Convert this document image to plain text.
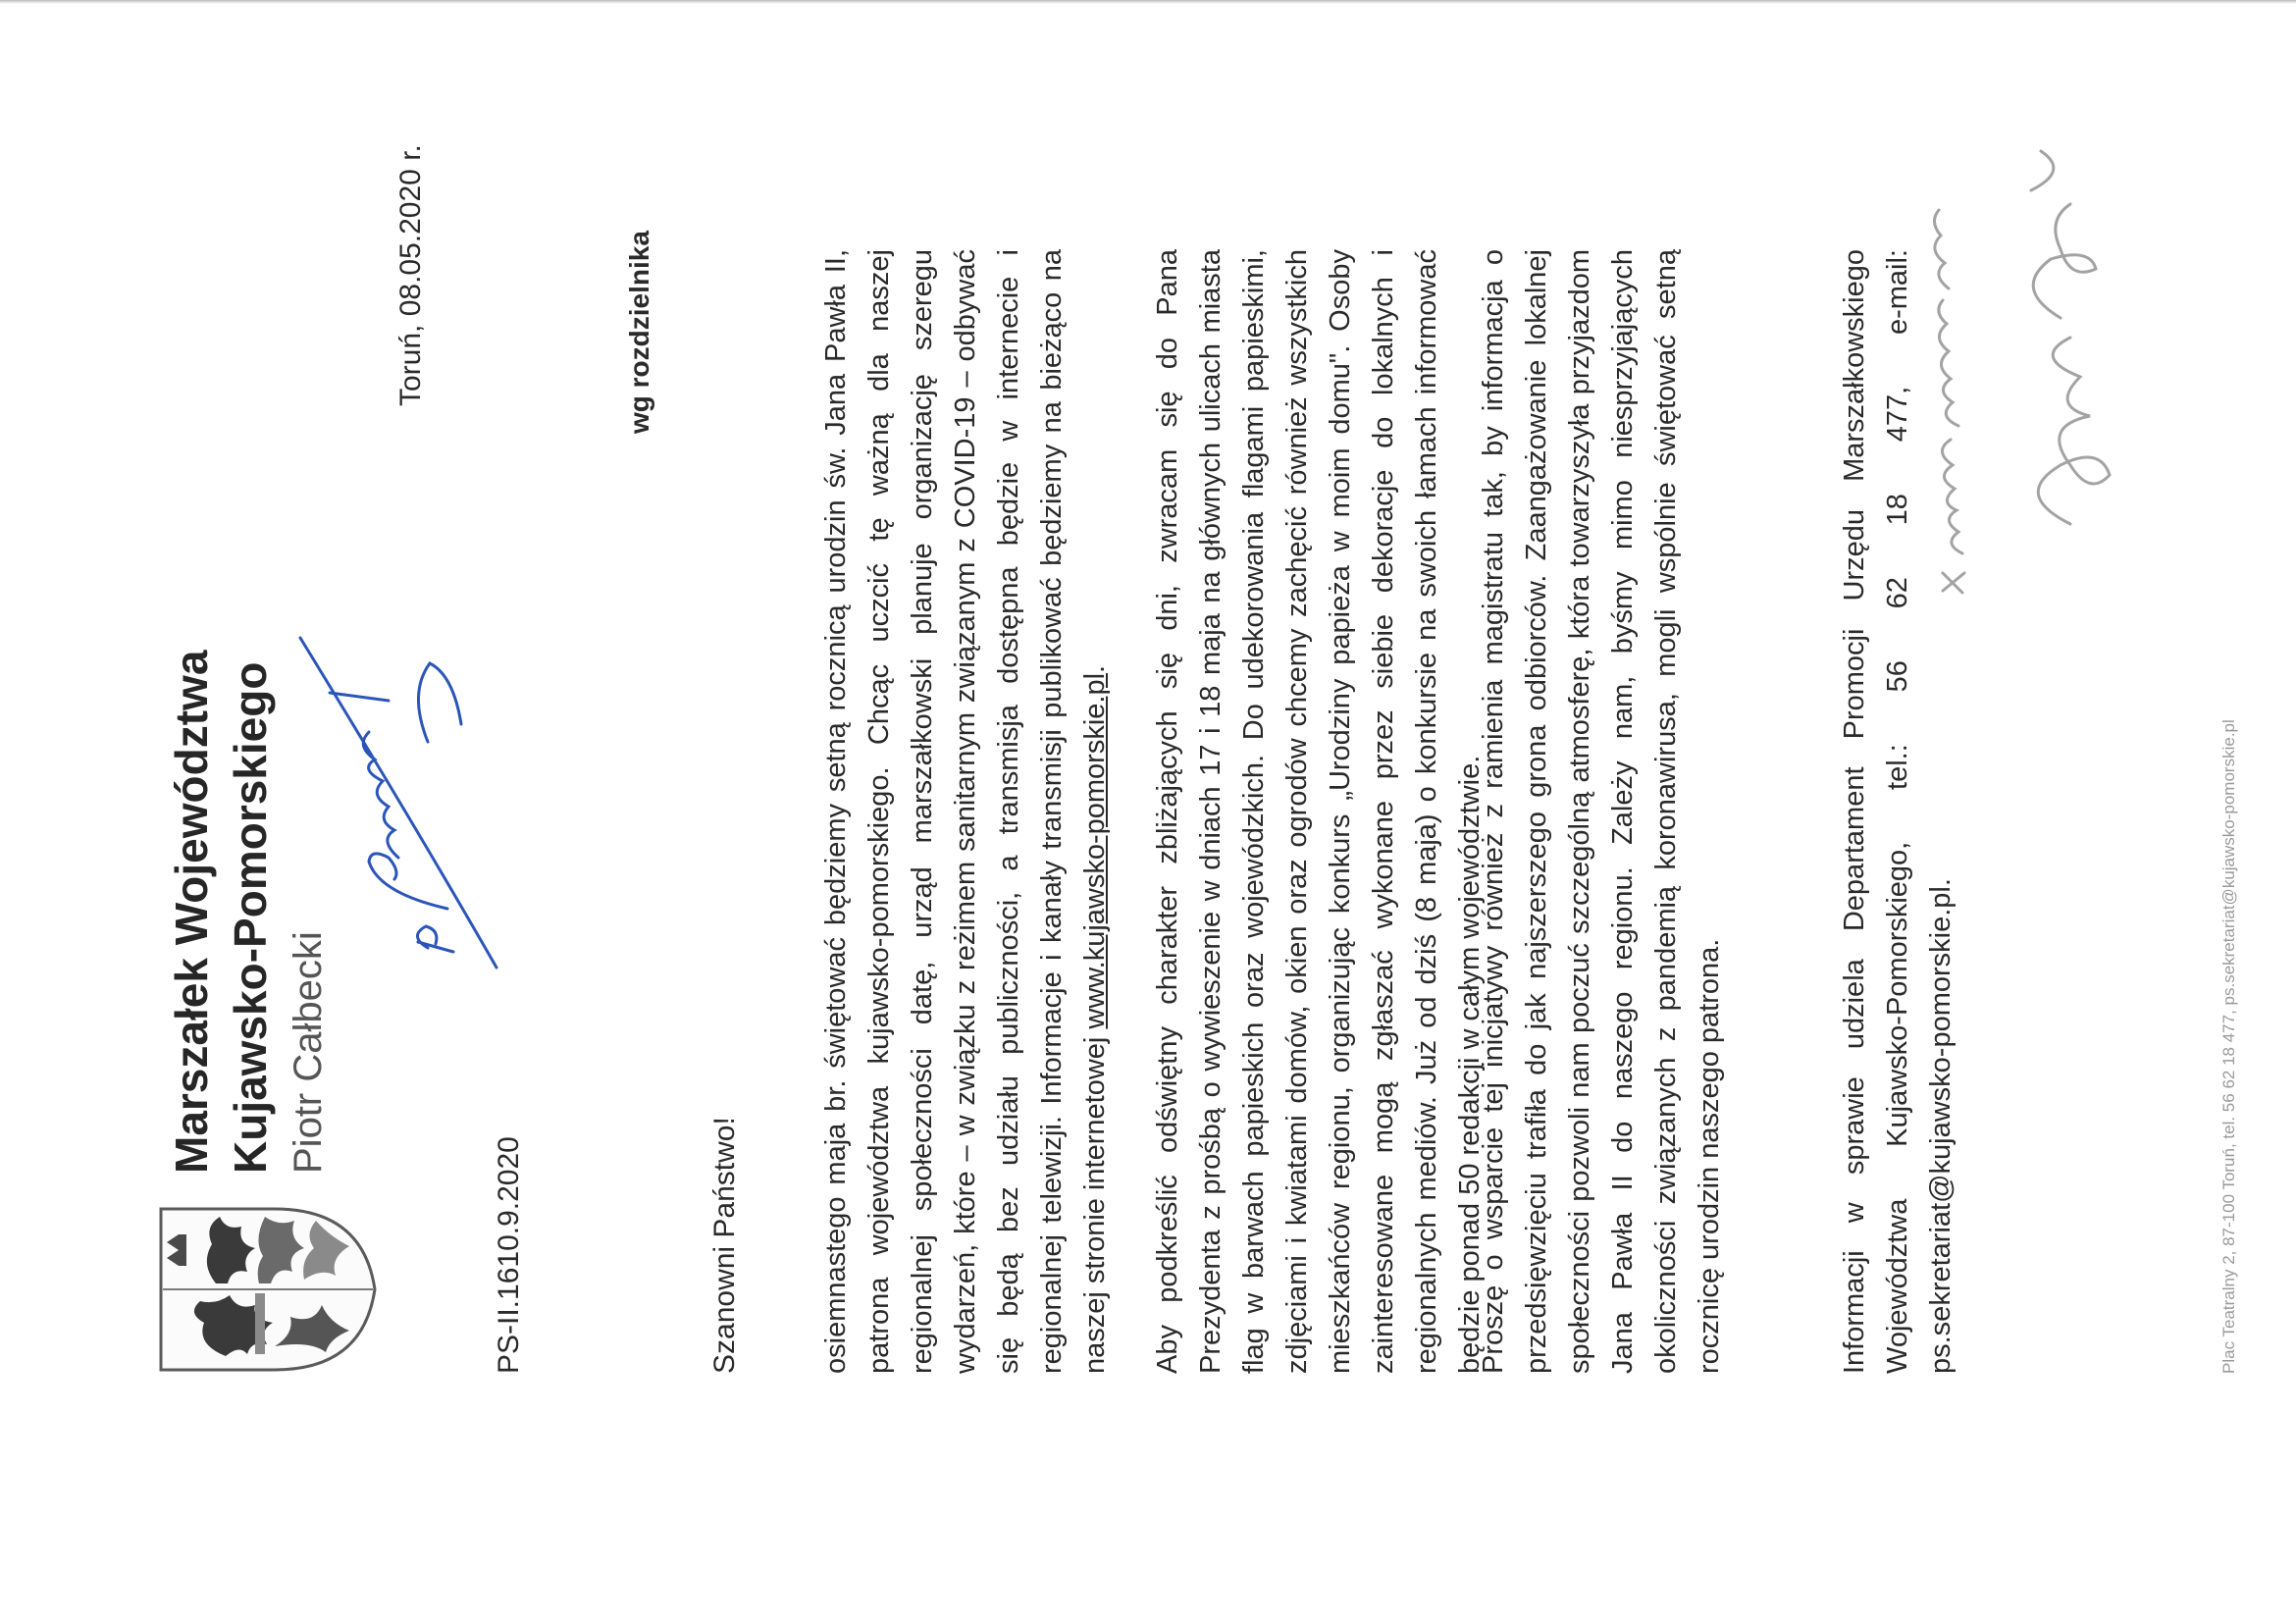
Marszałek Województwa Kujawsko-Pomorskiego Piotr Całbecki

PS-II.1610.9.2020

Toruń, 08.05.2020 r.	wg rozdzielnika

Szanowni Państwo!	osiemnastego maja br. świętować będziemy setną rocznicą urodzin św. Jana Pawła II, patrona województwa kujawsko-pomorskiego. Chcąc uczcić tę ważną dla naszej regionalnej społeczności datę, urząd marszałkowski planuje organizację szeregu wydarzeń, które – w związku z reżimem sanitarnym związanym z COVID-19 – odbywać się będą bez udziału publiczności, a transmisja dostępna będzie w internecie i regionalnej telewizji. Informacje i kanały transmisji publikować będziemy na bieżąco na naszej stronie internetowej www.kujawsko-pomorskie.pl. Aby podkreślić odświętny charakter zbliżających się dni, zwracam się do Pana Prezydenta z prośbą o wywieszenie w dniach 17 i 18 maja na głównych ulicach miasta flag w barwach papieskich oraz wojewódzkich. Do udekorowania flagami papieskimi, zdjęciami i kwiatami domów, okien oraz ogrodów chcemy zachęcić również wszystkich mieszkańców regionu, organizując konkurs „Urodziny papieża w moim domu". Osoby zainteresowane mogą zgłaszać wykonane przez siebie dekoracje do lokalnych i regionalnych mediów. Już od dziś (8 maja) o konkursie na swoich łamach informować będzie ponad 50 redakcji w całym województwie.

Proszę o wsparcie tej inicjatywy również z ramienia magistratu tak, by informacja o przedsięwzięciu trafiła do jak najszerszego grona odbiorców. Zaangażowanie lokalnej społeczności pozwoli nam poczuć szczególną atmosferę, która towarzyszyła przyjazdom Jana Pawła II do naszego regionu. Zależy nam, byśmy mimo niesprzyjających okoliczności związanych z pandemią koronawirusa, mogli wspólnie świętować setną rocznicę urodzin naszego patrona.	Informacji w sprawie udziela Departament Promocji Urzędu Marszałkowskiego Województwa Kujawsko-Pomorskiego, tel.: 56 62 18 477, e-mail: ps.sekretariat@kujawsko-pomorskie.pl.	Plac Teatralny 2, 87-100 Toruń, tel. 56 62 18 477, ps.sekretariat@kujawsko-pomorskie.pl
